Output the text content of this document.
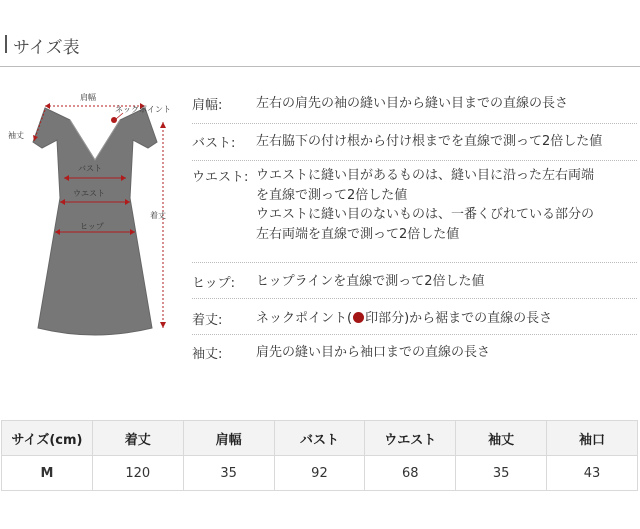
サイズ表
肩幅
ネックポイント
袖丈
着丈
バスト
ウエスト
ヒップ
肩幅:	左右の肩先の袖の縫い目から縫い目までの直線の長さ
バスト: 左右脇下の付け根から付け根までを直線で測って2倍した値
ウエスト: ウエストに縫い目があるものは、縫い目に沿った左右両端
を直線で測って2倍した値
ウエストに縫い目のないものは、一番くびれている部分の
左右両端を直線で測って2倍した値
ヒップ: ヒップラインを直線で測って2倍した値
着丈:	ネックポイント( 印部分)から裾までの直線の長さ
袖丈:	肩先の縫い目から袖口までの直線の長さ
サイズ(cm)	着丈	肩幅	バスト	ウエスト	袖丈	袖口
M	120	35	92	68	35	43
